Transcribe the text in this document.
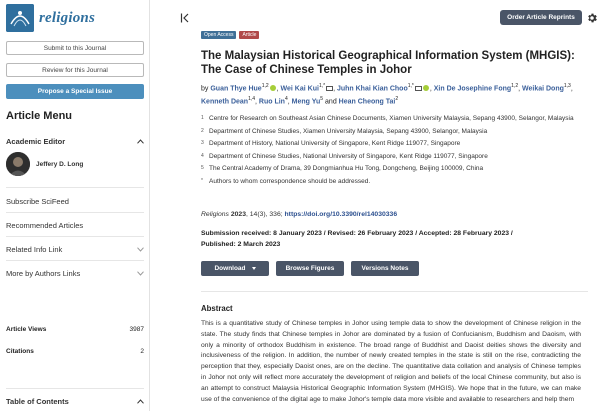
religions
Submit to this Journal
Review for this Journal
Propose a Special Issue
Article Menu
Academic Editor
Jeffery D. Long
Subscribe SciFeed
Recommended Articles
Related Info Link
More by Authors Links
Article Views	3987
Citations	2
Table of Contents
Order Article Reprints
Open Access	Article
The Malaysian Historical Geographical Information System (MHGIS):
The Case of Chinese Temples in Johor
by Guan Thye Hue$^{1,2}$ , Wei Kai Kui$^{1,*}$ , Juhn Khai Kian Choo$^{1,*}$ , Xin De Josephine Fong$^{1,2}$, Weikai Dong$^{1,3}$, Kenneth Dean$^{1,4}$, Ruo Lin$^4$, Meng Yu$^5$ and Hean Cheong Tai$^2$
1 Centre for Research on Southeast Asian Chinese Documents, Xiamen University Malaysia, Sepang 43900, Selangor, Malaysia
2 Department of Chinese Studies, Xiamen University Malaysia, Sepang 43900, Selangor, Malaysia
3 Department of History, National University of Singapore, Kent Ridge 119077, Singapore
4 Department of Chinese Studies, National University of Singapore, Kent Ridge 119077, Singapore
5 The Central Academy of Drama, 39 Dongmianhua Hu Tong, Dongcheng, Beijing 100009, China
* Authors to whom correspondence should be addressed.
Religions 2023, 14(3), 336; https://doi.org/10.3390/rel14030336
Submission received: 8 January 2023 / Revised: 26 February 2023 / Accepted: 28 February 2023 /
Published: 2 March 2023
Download	Browse Figures	Versions Notes
Abstract
This is a quantitative study of Chinese temples in Johor using temple data to show the development of Chinese religion in the state. The study finds that Chinese temples in Johor are dominated by a fusion of Confucianism, Buddhism and Daoism, with only a minority of orthodox Buddhism in existence. The broad range of Buddhist and Daoist deities shows the diversity and inclusiveness of the religion. In addition, the number of newly created temples in the state is still on the rise, contradicting the perception that they, especially Daoist ones, are on the decline. The quantitative data collation and analysis of Chinese temples in Johor not only will reflect more accurately the development of religion and beliefs of the local Chinese community, but also is an attempt to construct Malaysia Historical Geographic Information System (MHGIS). We hope that in the future, we can make use of the convenience of the digital age to make Johor's temple data more visible and available to researchers and help them
